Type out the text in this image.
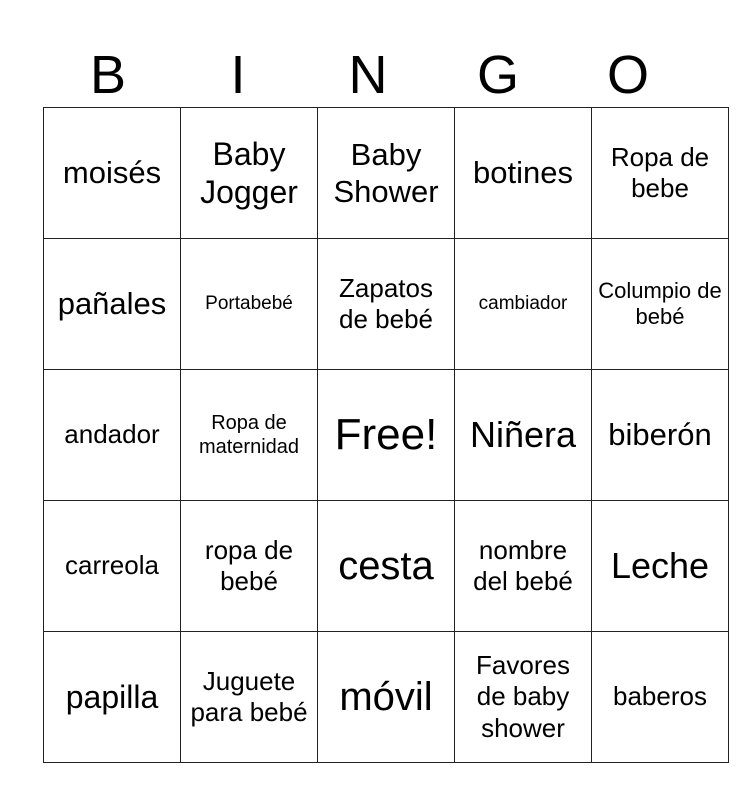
B	I	N	G	O
moisés	Baby Jogger	Baby Shower	botines	Ropa de bebe
pañales	Portabebé	Zapatos de bebé	cambiador	Columpio de bebé
andador	Ropa de maternidad	Free!	Niñera	biberón
carreola	ropa de bebé	cesta	nombre del bebé	Leche
papilla	Juguete para bebé	móvil	Favores de baby shower	baberos
